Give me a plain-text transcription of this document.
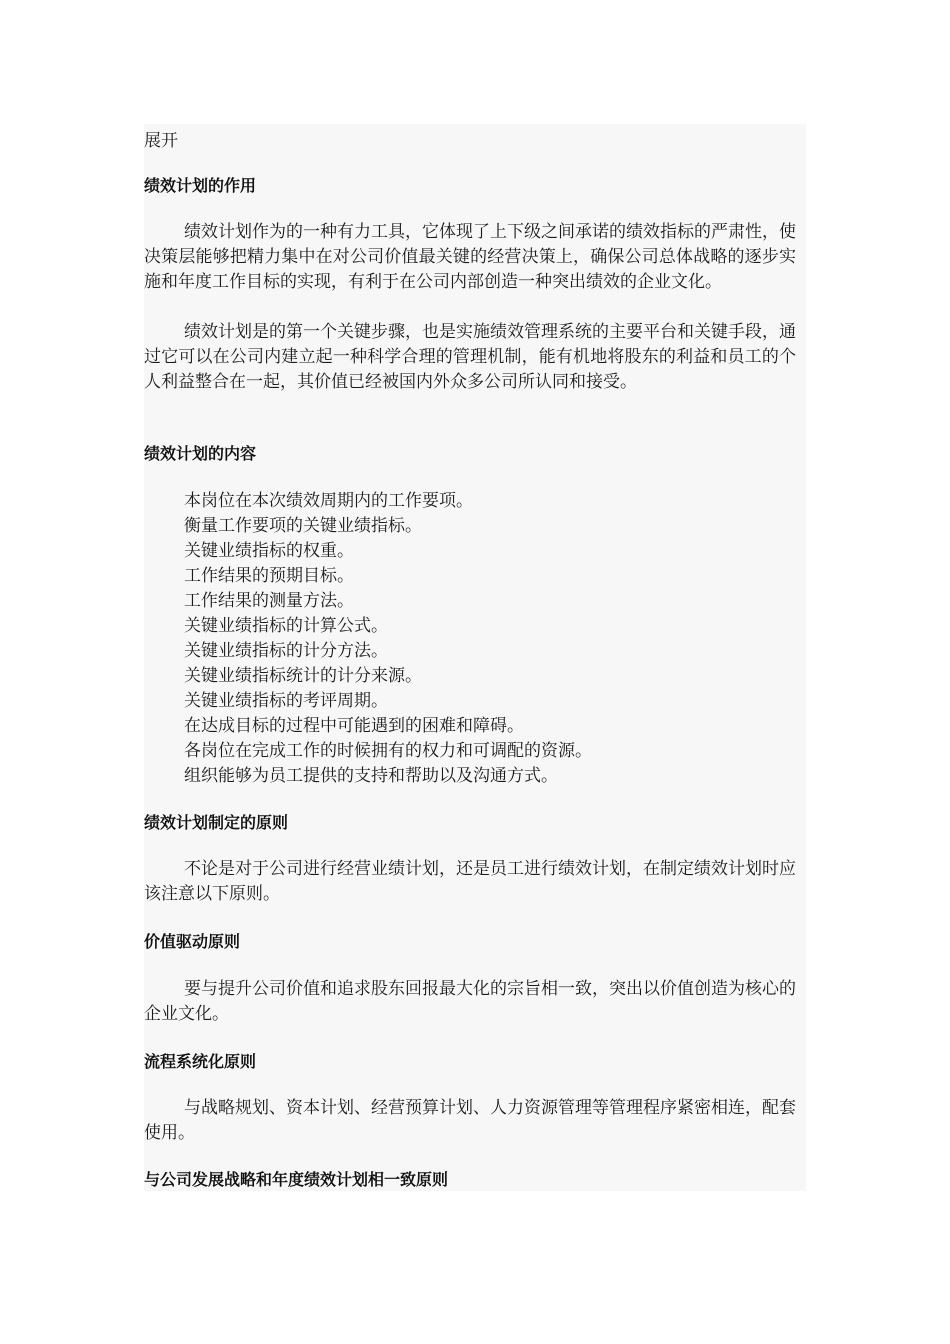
展开
绩效计划的作用

绩效计划作为的一种有力工具，它体现了上下级之间承诺的绩效指标的严肃性，使决策层能够把精力集中在对公司价值最关键的经营决策上，确保公司总体战略的逐步实施和年度工作目标的实现，有利于在公司内部创造一种突出绩效的企业文化。

绩效计划是的第一个关键步骤，也是实施绩效管理系统的主要平台和关键手段，通过它可以在公司内建立起一种科学合理的管理机制，能有机地将股东的利益和员工的个人利益整合在一起，其价值已经被国内外众多公司所认同和接受。

绩效计划的内容
本岗位在本次绩效周期内的工作要项。
衡量工作要项的关键业绩指标。
关键业绩指标的权重。
工作结果的预期目标。
工作结果的测量方法。
关键业绩指标的计算公式。
关键业绩指标的计分方法。
关键业绩指标统计的计分来源。
关键业绩指标的考评周期。
在达成目标的过程中可能遇到的困难和障碍。
各岗位在完成工作的时候拥有的权力和可调配的资源。
组织能够为员工提供的支持和帮助以及沟通方式。
绩效计划制定的原则

不论是对于公司进行经营业绩计划，还是员工进行绩效计划，在制定绩效计划时应该注意以下原则。

价值驱动原则

要与提升公司价值和追求股东回报最大化的宗旨相一致，突出以价值创造为核心的企业文化。

流程系统化原则

与战略规划、资本计划、经营预算计划、人力资源管理等管理程序紧密相连，配套使用。

与公司发展战略和年度绩效计划相一致原则
